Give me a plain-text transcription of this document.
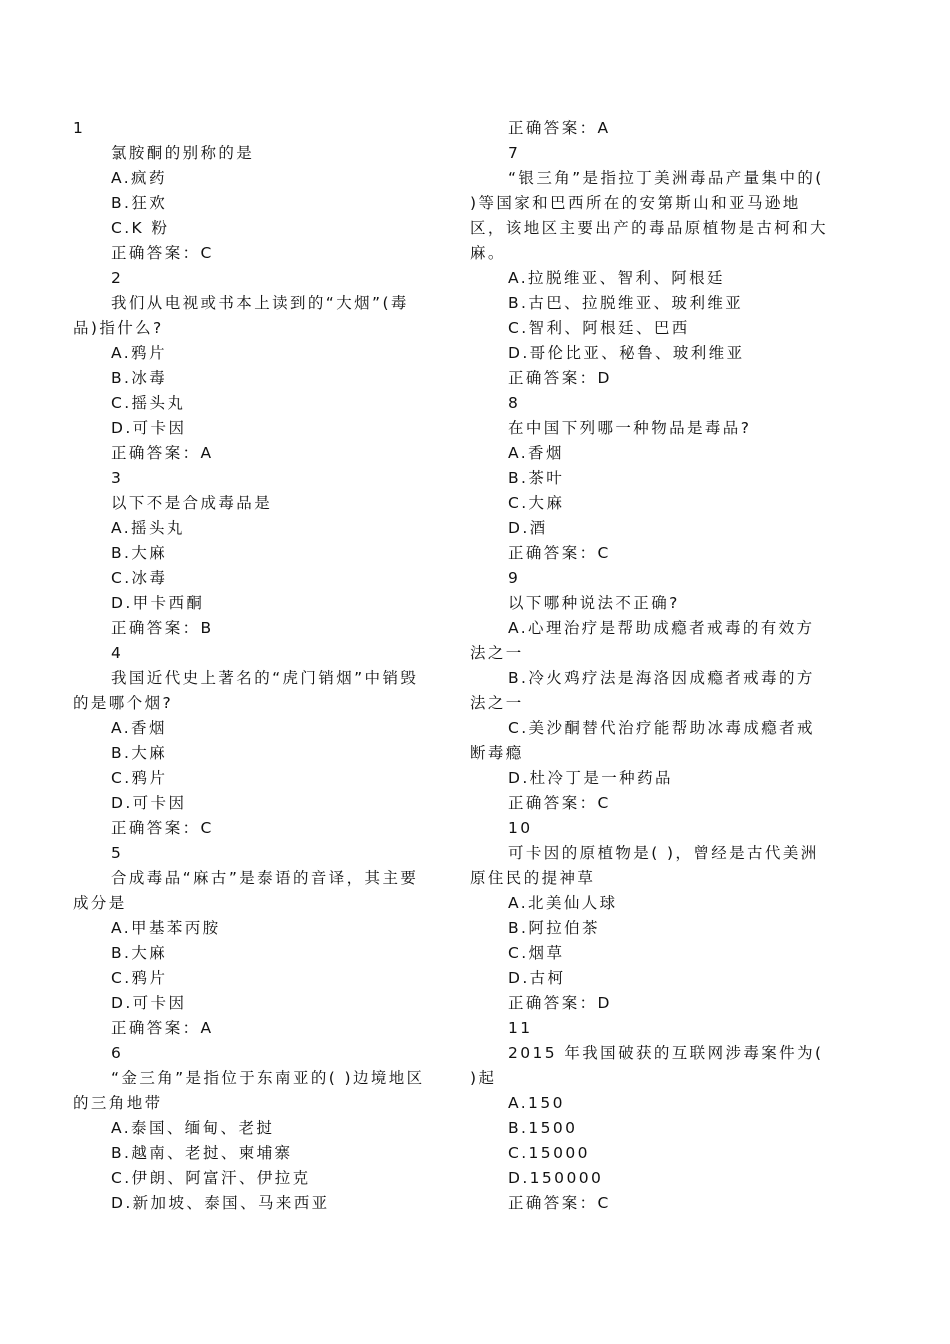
1
氯胺酮的别称的是
A.疯药
B.狂欢
C.K 粉
正确答案：C
2
我们从电视或书本上读到的“大烟”(毒品)指什么?
A.鸦片
B.冰毒
C.摇头丸
D.可卡因
正确答案：A
3
以下不是合成毒品是
A.摇头丸
B.大麻
C.冰毒
D.甲卡西酮
正确答案：B
4
我国近代史上著名的“虎门销烟”中销毁的是哪个烟?
A.香烟
B.大麻
C.鸦片
D.可卡因
正确答案：C
5
合成毒品“麻古”是泰语的音译，其主要成分是
A.甲基苯丙胺
B.大麻
C.鸦片
D.可卡因
正确答案：A
6
“金三角”是指位于东南亚的( )边境地区的三角地带
A.泰国、缅甸、老挝
B.越南、老挝、柬埔寨
C.伊朗、阿富汗、伊拉克
D.新加坡、泰国、马来西亚
正确答案：A
7
“银三角”是指拉丁美洲毒品产量集中的( )等国家和巴西所在的安第斯山和亚马逊地区，该地区主要出产的毒品原植物是古柯和大麻。
A.拉脱维亚、智利、阿根廷
B.古巴、拉脱维亚、玻利维亚
C.智利、阿根廷、巴西
D.哥伦比亚、秘鲁、玻利维亚
正确答案：D
8
在中国下列哪一种物品是毒品?
A.香烟
B.茶叶
C.大麻
D.酒
正确答案：C
9
以下哪种说法不正确?
A.心理治疗是帮助成瘾者戒毒的有效方法之一
B.冷火鸡疗法是海洛因成瘾者戒毒的方法之一
C.美沙酮替代治疗能帮助冰毒成瘾者戒断毒瘾
D.杜冷丁是一种药品
正确答案：C
10
可卡因的原植物是( )，曾经是古代美洲原住民的提神草
A.北美仙人球
B.阿拉伯茶
C.烟草
D.古柯
正确答案：D
11
2015 年我国破获的互联网涉毒案件为( )起
A.150
B.1500
C.15000
D.150000
正确答案：C
